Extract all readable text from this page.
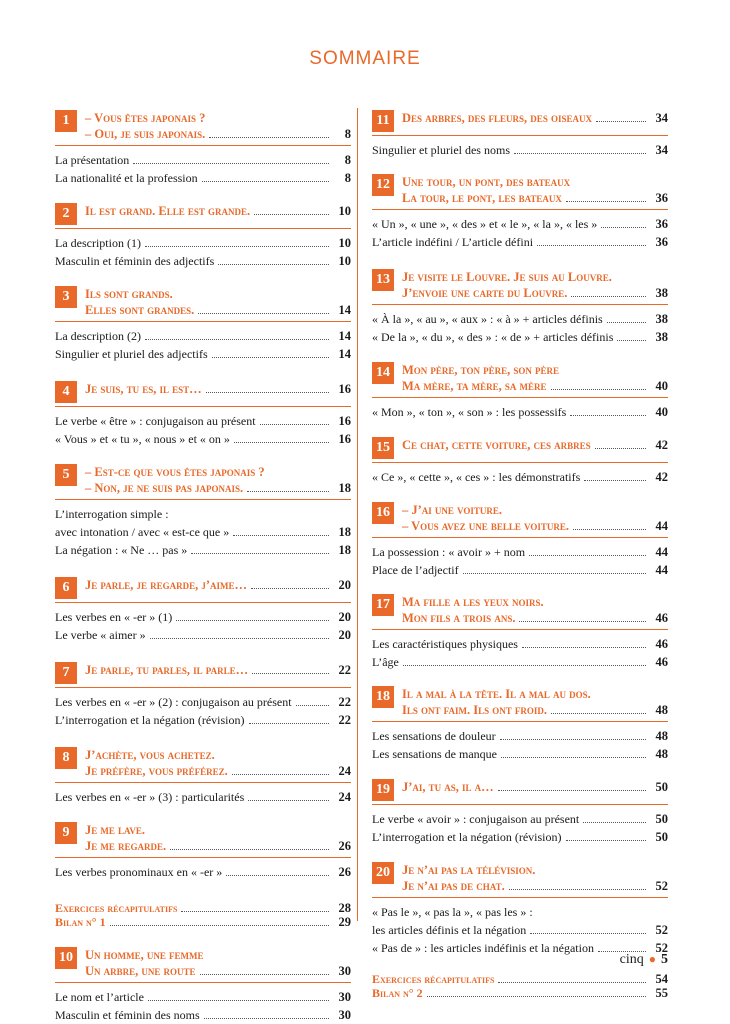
SOMMAIRE
1	– Vous êtes japonais ?
– Oui, je suis japonais.	8
La présentation	8
La nationalité et la profession	8
2	Il est grand. Elle est grande.	10
La description (1)	10
Masculin et féminin des adjectifs	10
3	Ils sont grands.
Elles sont grandes.	14
La description (2)	14
Singulier et pluriel des adjectifs	14
4	Je suis, tu es, il est…	16
Le verbe « être » : conjugaison au présent	16
« Vous » et « tu », « nous » et « on »	16
5	– Est-ce que vous êtes japonais ?
– Non, je ne suis pas japonais.	18
L’interrogation simple :
avec intonation / avec « est-ce que »	18
La négation : « Ne … pas »	18
6	Je parle, je regarde, j’aime…	20
Les verbes en « -er » (1)	20
Le verbe « aimer »	20
7	Je parle, tu parles, il parle…	22
Les verbes en « -er » (2) : conjugaison au présent	22
L’interrogation et la négation (révision)	22
8	J’achète, vous achetez.
Je préfère, vous préférez.	24
Les verbes en « -er » (3) : particularités	24
9	Je me lave.
Je me regarde.	26
Les verbes pronominaux en « -er »	26
Exercices récapitulatifs	28
Bilan n° 1	29
10 Un homme, une femme
Un arbre, une route	30
Le nom et l’article	30
Masculin et féminin des noms	30
11 Des arbres, des fleurs, des oiseaux	34
Singulier et pluriel des noms	34
12 Une tour, un pont, des bateaux
La tour, le pont, les bateaux	36
« Un », « une », « des » et « le », « la », « les »	36
L’article indéfini / L’article défini	36
13 Je visite le Louvre. Je suis au Louvre.
J’envoie une carte du Louvre.	38
« À la », « au », « aux » : « à » + articles définis	38
« De la », « du », « des » : « de » + articles définis	38
14 Mon père, ton père, son père
Ma mère, ta mère, sa mère	40
« Mon », « ton », « son » : les possessifs	40
15 Ce chat, cette voiture, ces arbres	42
« Ce », « cette », « ces » : les démonstratifs	42
16 – J’ai une voiture.
– Vous avez une belle voiture.	44
La possession : « avoir » + nom	44
Place de l’adjectif	44
17 Ma fille a les yeux noirs.
Mon fils a trois ans.	46
Les caractéristiques physiques	46
L’âge	46
18 Il a mal à la tête. Il a mal au dos.
Ils ont faim. Ils ont froid.	48
Les sensations de douleur	48
Les sensations de manque	48
19 J’ai, tu as, il a…	50
Le verbe « avoir » : conjugaison au présent	50
L’interrogation et la négation (révision)	50
20 Je n’ai pas la télévision.
Je n’ai pas de chat.	52
« Pas le », « pas la », « pas les » :
les articles définis et la négation	52
« Pas de » : les articles indéfinis et la négation	52
Exercices récapitulatifs	54
Bilan n° 2	55
cinq ● 5
